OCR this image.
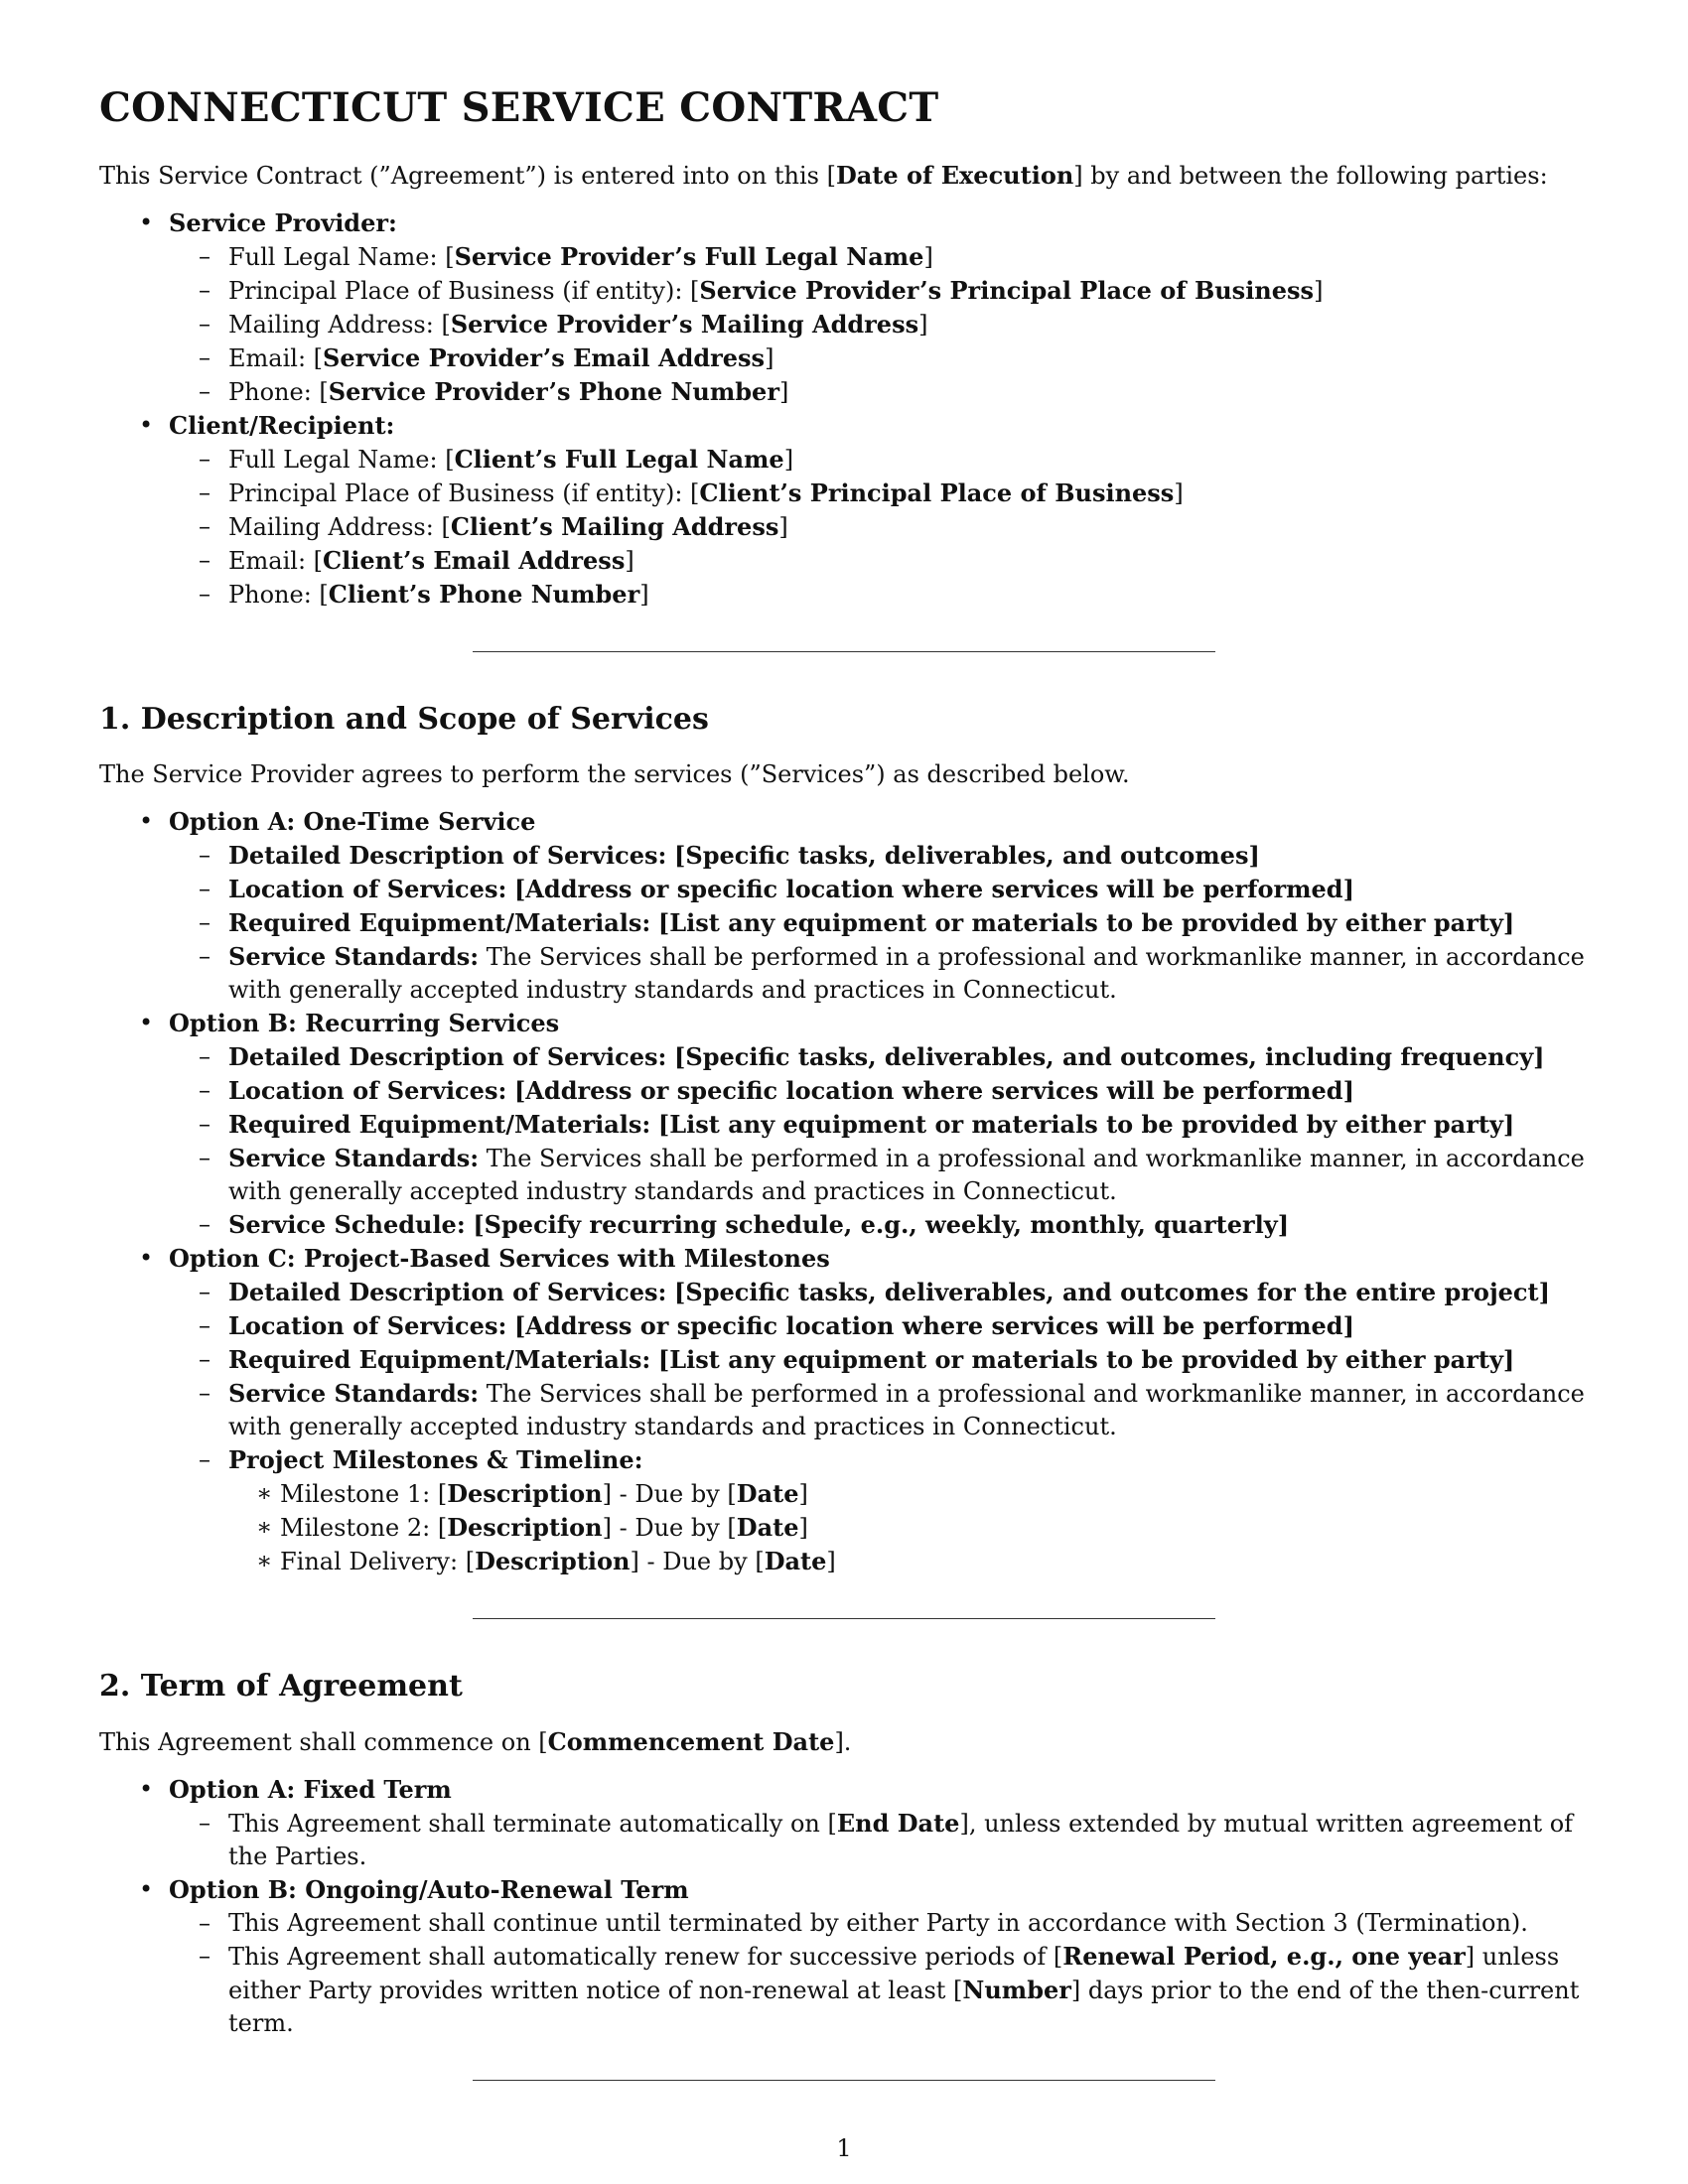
CONNECTICUT SERVICE CONTRACT

This Service Contract (”Agreement”) is entered into on this [Date of Execution] by and between the following parties:

• Service Provider:
– Full Legal Name: [Service Provider’s Full Legal Name]
– Principal Place of Business (if entity): [Service Provider’s Principal Place of Business]
– Mailing Address: [Service Provider’s Mailing Address]
– Email: [Service Provider’s Email Address]
– Phone: [Service Provider’s Phone Number]
• Client/Recipient:
– Full Legal Name: [Client’s Full Legal Name]
– Principal Place of Business (if entity): [Client’s Principal Place of Business]
– Mailing Address: [Client’s Mailing Address]
– Email: [Client’s Email Address]
– Phone: [Client’s Phone Number]
1. Description and Scope of Services

The Service Provider agrees to perform the services (”Services”) as described below.

• Option A: One-Time Service
– Detailed Description of Services: [Specific tasks, deliverables, and outcomes]
– Location of Services: [Address or specific location where services will be performed]
– Required Equipment/Materials: [List any equipment or materials to be provided by either party]
– Service Standards: The Services shall be performed in a professional and workmanlike manner, in accordance with generally accepted industry standards and practices in Connecticut.
• Option B: Recurring Services
– Detailed Description of Services: [Specific tasks, deliverables, and outcomes, including frequency]
– Location of Services: [Address or specific location where services will be performed]
– Required Equipment/Materials: [List any equipment or materials to be provided by either party]
– Service Standards: The Services shall be performed in a professional and workmanlike manner, in accordance with generally accepted industry standards and practices in Connecticut.
– Service Schedule: [Specify recurring schedule, e.g., weekly, monthly, quarterly]
• Option C: Project-Based Services with Milestones
– Detailed Description of Services: [Specific tasks, deliverables, and outcomes for the entire project]
– Location of Services: [Address or specific location where services will be performed]
– Required Equipment/Materials: [List any equipment or materials to be provided by either party]
– Service Standards: The Services shall be performed in a professional and workmanlike manner, in accordance with generally accepted industry standards and practices in Connecticut.
– Project Milestones & Timeline:
∗ Milestone 1: [Description] - Due by [Date]
∗ Milestone 2: [Description] - Due by [Date]
∗ Final Delivery: [Description] - Due by [Date]
2. Term of Agreement

This Agreement shall commence on [Commencement Date].

• Option A: Fixed Term
– This Agreement shall terminate automatically on [End Date], unless extended by mutual written agreement of the Parties.
• Option B: Ongoing/Auto-Renewal Term
– This Agreement shall continue until terminated by either Party in accordance with Section 3 (Termination).
– This Agreement shall automatically renew for successive periods of [Renewal Period, e.g., one year] unless either Party provides written notice of non-renewal at least [Number] days prior to the end of the then-current term.
1
